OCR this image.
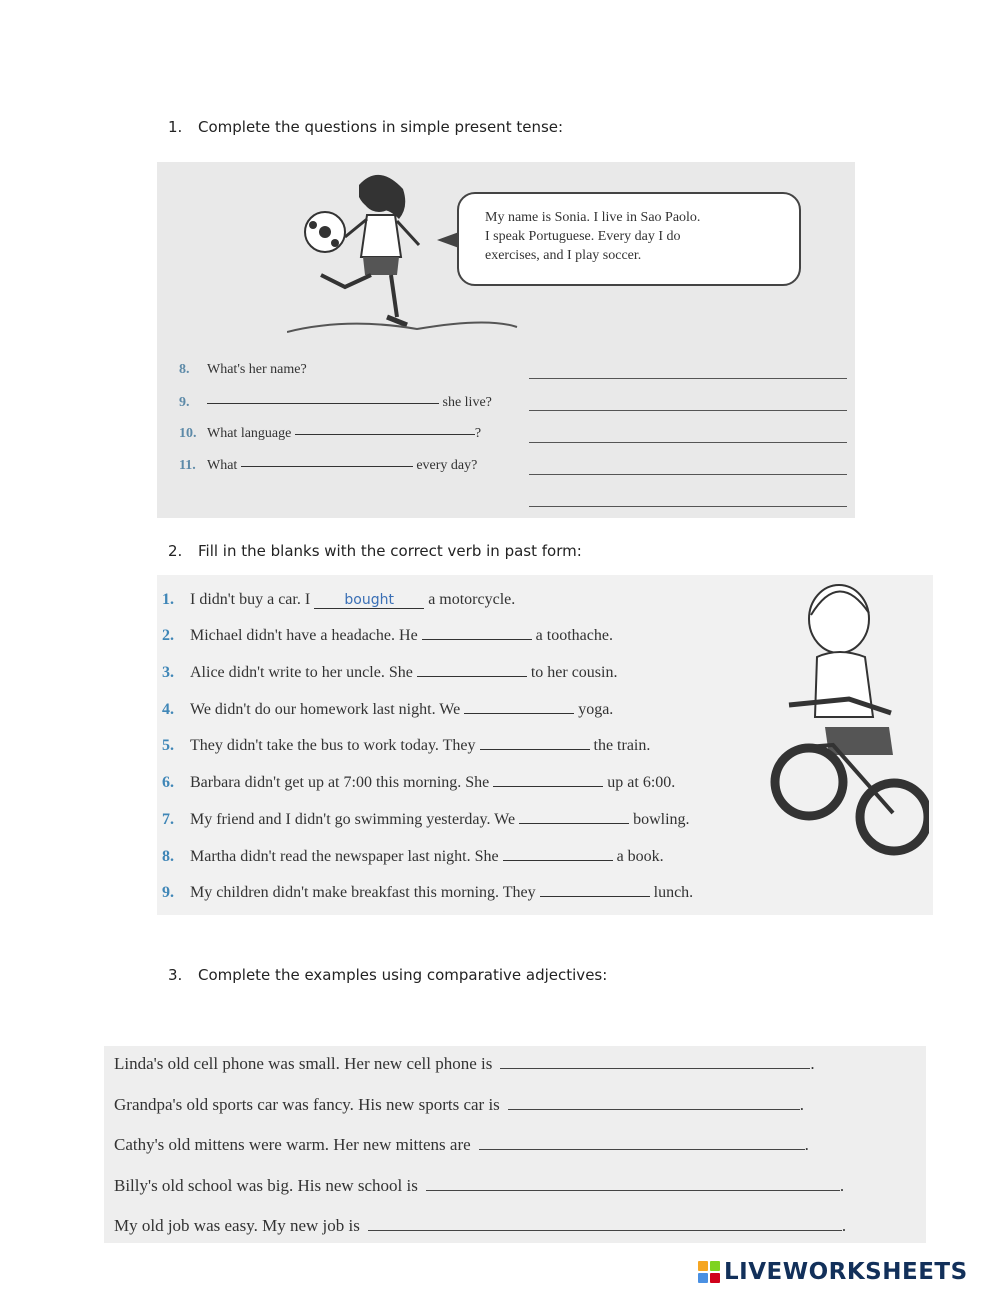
1. Complete the questions in simple present tense:
2. Fill in the blanks with the correct verb in past form:
3. Complete the examples using comparative adjectives:
My name is Sonia. I live in Sao Paolo.
I speak Portuguese. Every day I do
exercises, and I play soccer.
8. What's her name?
9.	she live?
10. What language	?
11. What	every day?
1. I didn't buy a car. I bought a motorcycle.
2. Michael didn't have a headache. He	a toothache.
3. Alice didn't write to her uncle. She	to her cousin.
4. We didn't do our homework last night. We	yoga.
5. They didn't take the bus to work today. They	the train.
6. Barbara didn't get up at 7:00 this morning. She	up at 6:00.
7. My friend and I didn't go swimming yesterday. We	bowling.
8. Martha didn't read the newspaper last night. She	a book.
9. My children didn't make breakfast this morning. They	lunch.
Linda's old cell phone was small. Her new cell phone is	.
Grandpa's old sports car was fancy. His new sports car is	.
Cathy's old mittens were warm. Her new mittens are	.
Billy's old school was big. His new school is	.
My old job was easy. My new job is	.
LIVEWORKSHEETS
